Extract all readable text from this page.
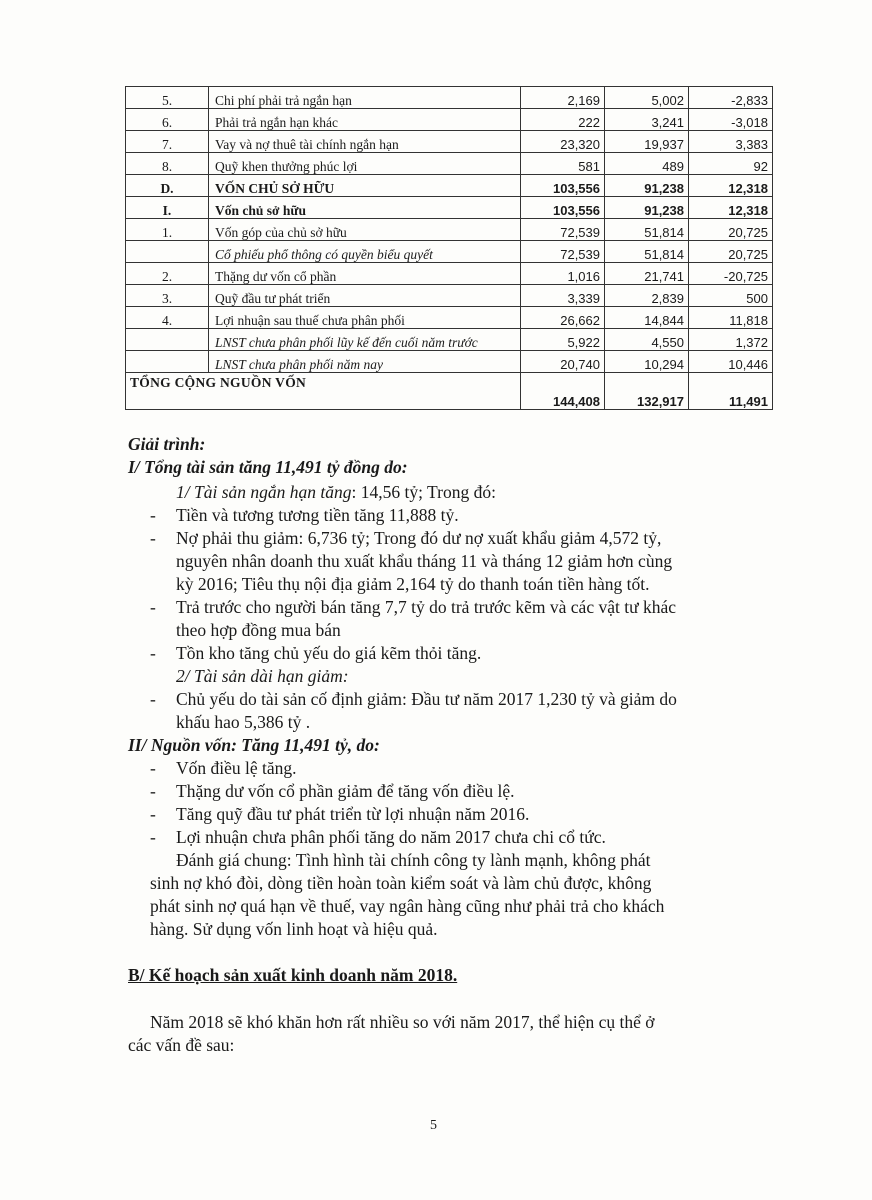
5.	Chi phí phải trả ngắn hạn	2,169	5,002	-2,833
6.	Phải trả ngắn hạn khác	222	3,241	-3,018
7.	Vay và nợ thuê tài chính ngắn hạn	23,320	19,937	3,383
8.	Quỹ khen thưởng phúc lợi	581	489	92
D.	VỐN CHỦ SỞ HỮU	103,556	91,238	12,318
I.	Vốn chủ sở hữu	103,556	91,238	12,318
1.	Vốn góp của chủ sở hữu	72,539	51,814	20,725
	Cổ phiếu phổ thông có quyền biểu quyết	72,539	51,814	20,725
2.	Thặng dư vốn cổ phần	1,016	21,741	-20,725
3.	Quỹ đầu tư phát triển	3,339	2,839	500
4.	Lợi nhuận sau thuế chưa phân phối	26,662	14,844	11,818
	LNST chưa phân phối lũy kế đến cuối năm trước	5,922	4,550	1,372
	LNST chưa phân phối năm nay	20,740	10,294	10,446
TỔNG CỘNG NGUỒN VỐN		144,408	132,917	11,491
Giải trình:
I/ Tổng tài sản tăng 11,491 tỷ đồng do:
1/ Tài sản ngắn hạn tăng: 14,56 tỷ; Trong đó:
- Tiền và tương tương tiền tăng 11,888 tỷ.
- Nợ phải thu giảm: 6,736 tỷ; Trong đó dư nợ xuất khẩu giảm 4,572 tỷ,
nguyên nhân doanh thu xuất khẩu tháng 11 và tháng 12 giảm hơn cùng
kỳ 2016; Tiêu thụ nội địa giảm 2,164 tỷ do thanh toán tiền hàng tốt.
- Trả trước cho người bán tăng 7,7 tỷ do trả trước kẽm và các vật tư khác
theo hợp đồng mua bán
- Tồn kho tăng chủ yếu do giá kẽm thỏi tăng.
2/ Tài sản dài hạn giảm:
- Chủ yếu do tài sản cố định giảm: Đầu tư năm 2017 1,230 tỷ và giảm do
khấu hao 5,386 tỷ .
II/ Nguồn vốn: Tăng 11,491 tỷ, do:
- Vốn điều lệ tăng.
- Thặng dư vốn cổ phần giảm để tăng vốn điều lệ.
- Tăng quỹ đầu tư phát triển từ lợi nhuận năm 2016.
- Lợi nhuận chưa phân phối tăng do năm 2017 chưa chi cổ tức.
Đánh giá chung: Tình hình tài chính công ty lành mạnh, không phát
sinh nợ khó đòi, dòng tiền hoàn toàn kiểm soát và làm chủ được, không
phát sinh nợ quá hạn về thuế, vay ngân hàng cũng như phải trả cho khách
hàng. Sử dụng vốn linh hoạt và hiệu quả.
B/ Kế hoạch sản xuất kinh doanh năm 2018.
Năm 2018 sẽ khó khăn hơn rất nhiều so với năm 2017, thể hiện cụ thể ở
các vấn đề sau:
5
